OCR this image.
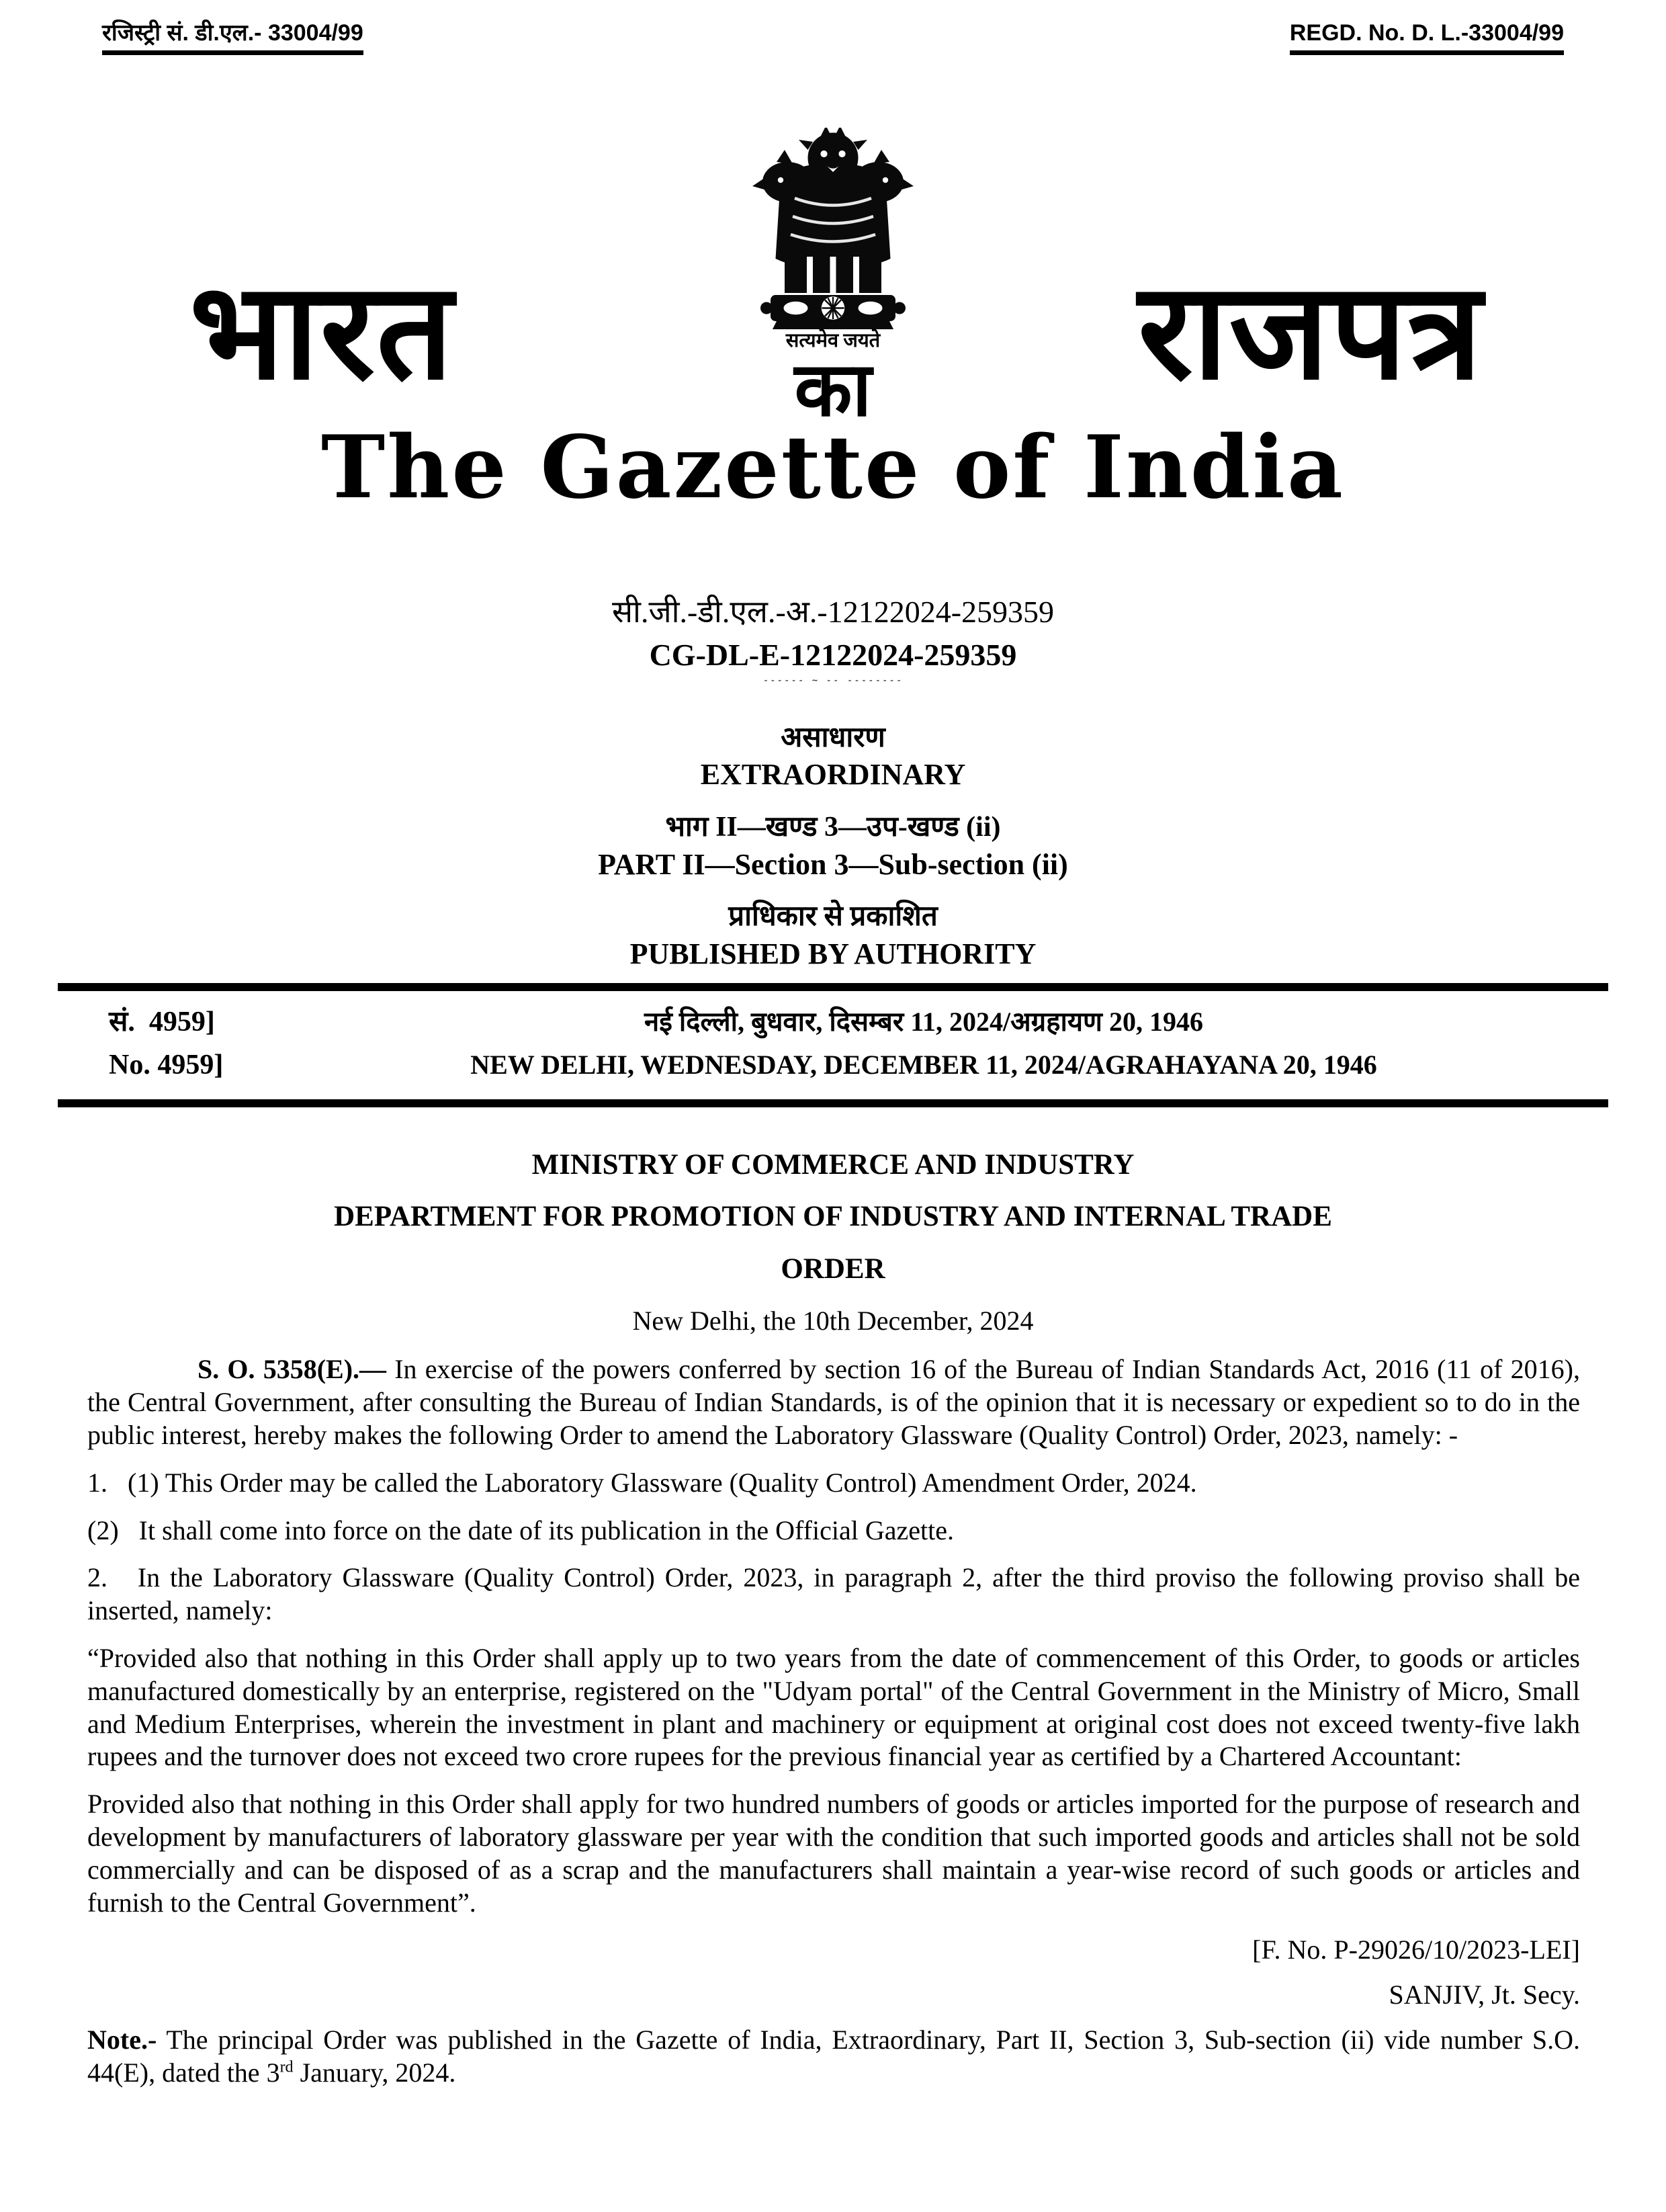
रजिस्ट्री सं. डी.एल.- 33004/99	REGD. No. D. L.-33004/99
भारत	सत्यमेव जयते
का	राजपत्र
The Gazette of India
सी.जी.-डी.एल.-अ.-12122024-259359
CG-DL-E-12122024-259359
------ ~ -- --------
असाधारण
EXTRAORDINARY
भाग II—खण्ड 3—उप-खण्ड (ii)
PART II—Section 3—Sub-section (ii)
प्राधिकार से प्रकाशित
PUBLISHED BY AUTHORITY
सं.  4959]	नई दिल्ली, बुधवार, दिसम्बर 11, 2024/अग्रहायण 20, 1946
No. 4959]	NEW DELHI, WEDNESDAY, DECEMBER 11, 2024/AGRAHAYANA 20, 1946
MINISTRY OF COMMERCE AND INDUSTRY
DEPARTMENT FOR PROMOTION OF INDUSTRY AND INTERNAL TRADE
ORDER
New Delhi, the 10th December, 2024

S. O. 5358(E).— In exercise of the powers conferred by section 16 of the Bureau of Indian Standards Act, 2016 (11 of 2016), the Central Government, after consulting the Bureau of Indian Standards, is of the opinion that it is necessary or expedient so to do in the public interest, hereby makes the following Order to amend the Laboratory Glassware (Quality Control) Order, 2023, namely: -

1.   (1) This Order may be called the Laboratory Glassware (Quality Control) Amendment Order, 2024.

(2)   It shall come into force on the date of its publication in the Official Gazette.

2.   In the Laboratory Glassware (Quality Control) Order, 2023, in paragraph 2, after the third proviso the following proviso shall be inserted, namely:

“Provided also that nothing in this Order shall apply up to two years from the date of commencement of this Order, to goods or articles manufactured domestically by an enterprise, registered on the "Udyam portal" of the Central Government in the Ministry of Micro, Small and Medium Enterprises, wherein the investment in plant and machinery or equipment at original cost does not exceed twenty-five lakh rupees and the turnover does not exceed two crore rupees for the previous financial year as certified by a Chartered Accountant:

Provided also that nothing in this Order shall apply for two hundred numbers of goods or articles imported for the purpose of research and development by manufacturers of laboratory glassware per year with the condition that such imported goods and articles shall not be sold commercially and can be disposed of as a scrap and the manufacturers shall maintain a year-wise record of such goods or articles and furnish to the Central Government”.

[F. No. P-29026/10/2023-LEI]

SANJIV, Jt. Secy.

Note.- The principal Order was published in the Gazette of India, Extraordinary, Part II, Section 3, Sub-section (ii) vide number S.O. 44(E), dated the 3rd January, 2024.
